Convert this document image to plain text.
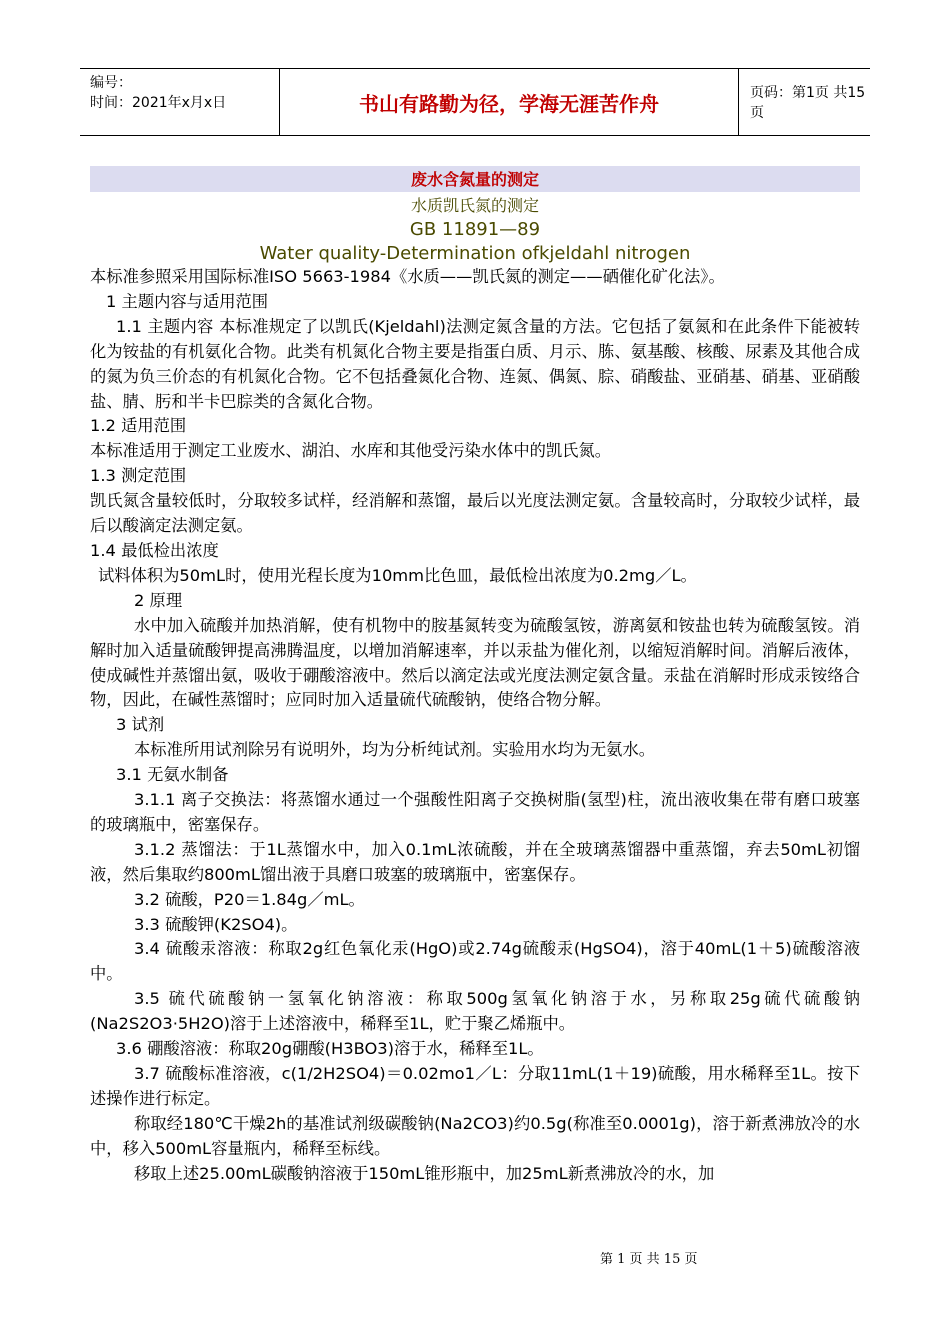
编号：
时间：2021年x月x日	书山有路勤为径，学海无涯苦作舟	页码：第1页 共15页
废水含氮量的测定
水质凯氏氮的测定
GB 11891—89
Water quality-Determination ofkjeldahl nitrogen

本标准参照采用国际标准ISO 5663-1984《水质——凯氏氮的测定——硒催化矿化法》。

1 主题内容与适用范围

1.1 主题内容 本标准规定了以凯氏(Kjeldahl)法测定氮含量的方法。它包括了氨氮和在此条件下能被转化为铵盐的有机氨化合物。此类有机氮化合物主要是指蛋白质、月示、胨、氨基酸、核酸、尿素及其他合成的氮为负三价态的有机氮化合物。它不包括叠氮化合物、连氮、偶氮、腙、硝酸盐、亚硝基、硝基、亚硝酸盐、腈、肟和半卡巴腙类的含氮化合物。

1.2 适用范围

本标准适用于测定工业废水、湖泊、水库和其他受污染水体中的凯氏氮。

1.3 测定范围

凯氏氮含量较低时，分取较多试样，经消解和蒸馏，最后以光度法测定氨。含量较高时，分取较少试样，最后以酸滴定法测定氨。

1.4 最低检出浓度

试料体积为50mL时，使用光程长度为10mm比色皿，最低检出浓度为0.2mg／L。

2 原理

水中加入硫酸并加热消解，使有机物中的胺基氮转变为硫酸氢铵，游离氨和铵盐也转为硫酸氢铵。消解时加入适量硫酸钾提高沸腾温度，以增加消解速率，并以汞盐为催化剂，以缩短消解时间。消解后液体，使成碱性并蒸馏出氨，吸收于硼酸溶液中。然后以滴定法或光度法测定氨含量。汞盐在消解时形成汞铵络合物，因此，在碱性蒸馏时；应同时加入适量硫代硫酸钠，使络合物分解。

3 试剂

本标准所用试剂除另有说明外，均为分析纯试剂。实验用水均为无氨水。

3.1 无氨水制备

3.1.1 离子交换法：将蒸馏水通过一个强酸性阳离子交换树脂(氢型)柱，流出液收集在带有磨口玻塞的玻璃瓶中，密塞保存。

3.1.2 蒸馏法：于1L蒸馏水中，加入0.1mL浓硫酸，并在全玻璃蒸馏器中重蒸馏，弃去50mL初馏液，然后集取约800mL馏出液于具磨口玻塞的玻璃瓶中，密塞保存。

3.2 硫酸，P20＝1.84g／mL。

3.3 硫酸钾(K2SO4)。

3.4 硫酸汞溶液：称取2g红色氧化汞(HgO)或2.74g硫酸汞(HgSO4)，溶于40mL(1＋5)硫酸溶液中。

3.5 硫代硫酸钠一氢氧化钠溶液：称取500g氢氧化钠溶于水，另称取25g硫代硫酸钠(Na2S2O3·5H2O)溶于上述溶液中，稀释至1L，贮于聚乙烯瓶中。

3.6 硼酸溶液：称取20g硼酸(H3BO3)溶于水，稀释至1L。

3.7 硫酸标准溶液，c(1/2H2SO4)＝0.02mo1／L：分取11mL(1＋19)硫酸，用水稀释至1L。按下述操作进行标定。

称取经180℃干燥2h的基准试剂级碳酸钠(Na2CO3)约0.5g(称准至0.0001g)，溶于新煮沸放冷的水中，移入500mL容量瓶内，稀释至标线。

移取上述25.00mL碳酸钠溶液于150mL锥形瓶中，加25mL新煮沸放冷的水，加

第 1 页 共 15 页
